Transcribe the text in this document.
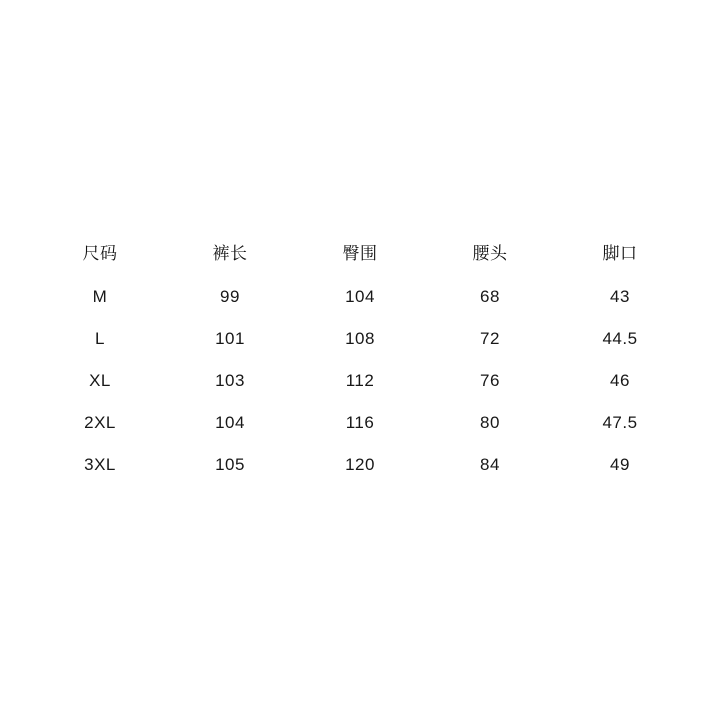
尺码	裤长	臀围	腰头	脚口
M	99	104	68	43
L	101	108	72	44.5
XL	103	112	76	46
2XL	104	116	80	47.5
3XL	105	120	84	49
